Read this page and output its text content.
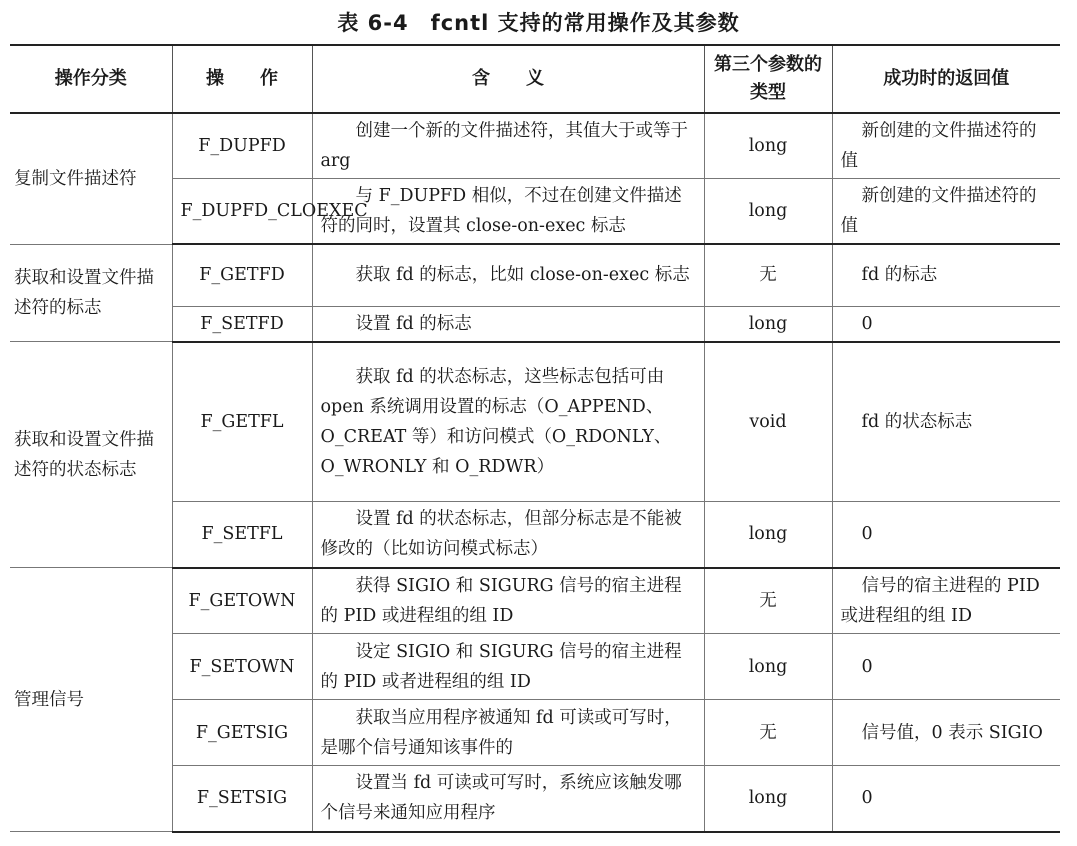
表 6-4　fcntl 支持的常用操作及其参数
操作分类	操　　作	含　　义	第三个参数的类型	成功时的返回值
复制文件描述符	F_DUPFD	创建一个新的文件描述符，其值大于或等于 arg	long	新创建的文件描述符的值
	F_DUPFD_CLOEXEC	与 F_DUPFD 相似，不过在创建文件描述符的同时，设置其 close-on-exec 标志	long	新创建的文件描述符的值
获取和设置文件描述符的标志	F_GETFD	获取 fd 的标志，比如 close-on-exec 标志	无	fd 的标志
	F_SETFD	设置 fd 的标志	long	0
获取和设置文件描述符的状态标志	F_GETFL	获取 fd 的状态标志，这些标志包括可由 open 系统调用设置的标志（O_APPEND、O_CREAT 等）和访问模式（O_RDONLY、O_WRONLY 和 O_RDWR）	void	fd 的状态标志
	F_SETFL	设置 fd 的状态标志，但部分标志是不能被修改的（比如访问模式标志）	long	0
管理信号	F_GETOWN	获得 SIGIO 和 SIGURG 信号的宿主进程的 PID 或进程组的组 ID	无	信号的宿主进程的 PID 或进程组的组 ID
	F_SETOWN	设定 SIGIO 和 SIGURG 信号的宿主进程的 PID 或者进程组的组 ID	long	0
	F_GETSIG	获取当应用程序被通知 fd 可读或可写时，是哪个信号通知该事件的	无	信号值，0 表示 SIGIO
	F_SETSIG	设置当 fd 可读或可写时，系统应该触发哪个信号来通知应用程序	long	0
